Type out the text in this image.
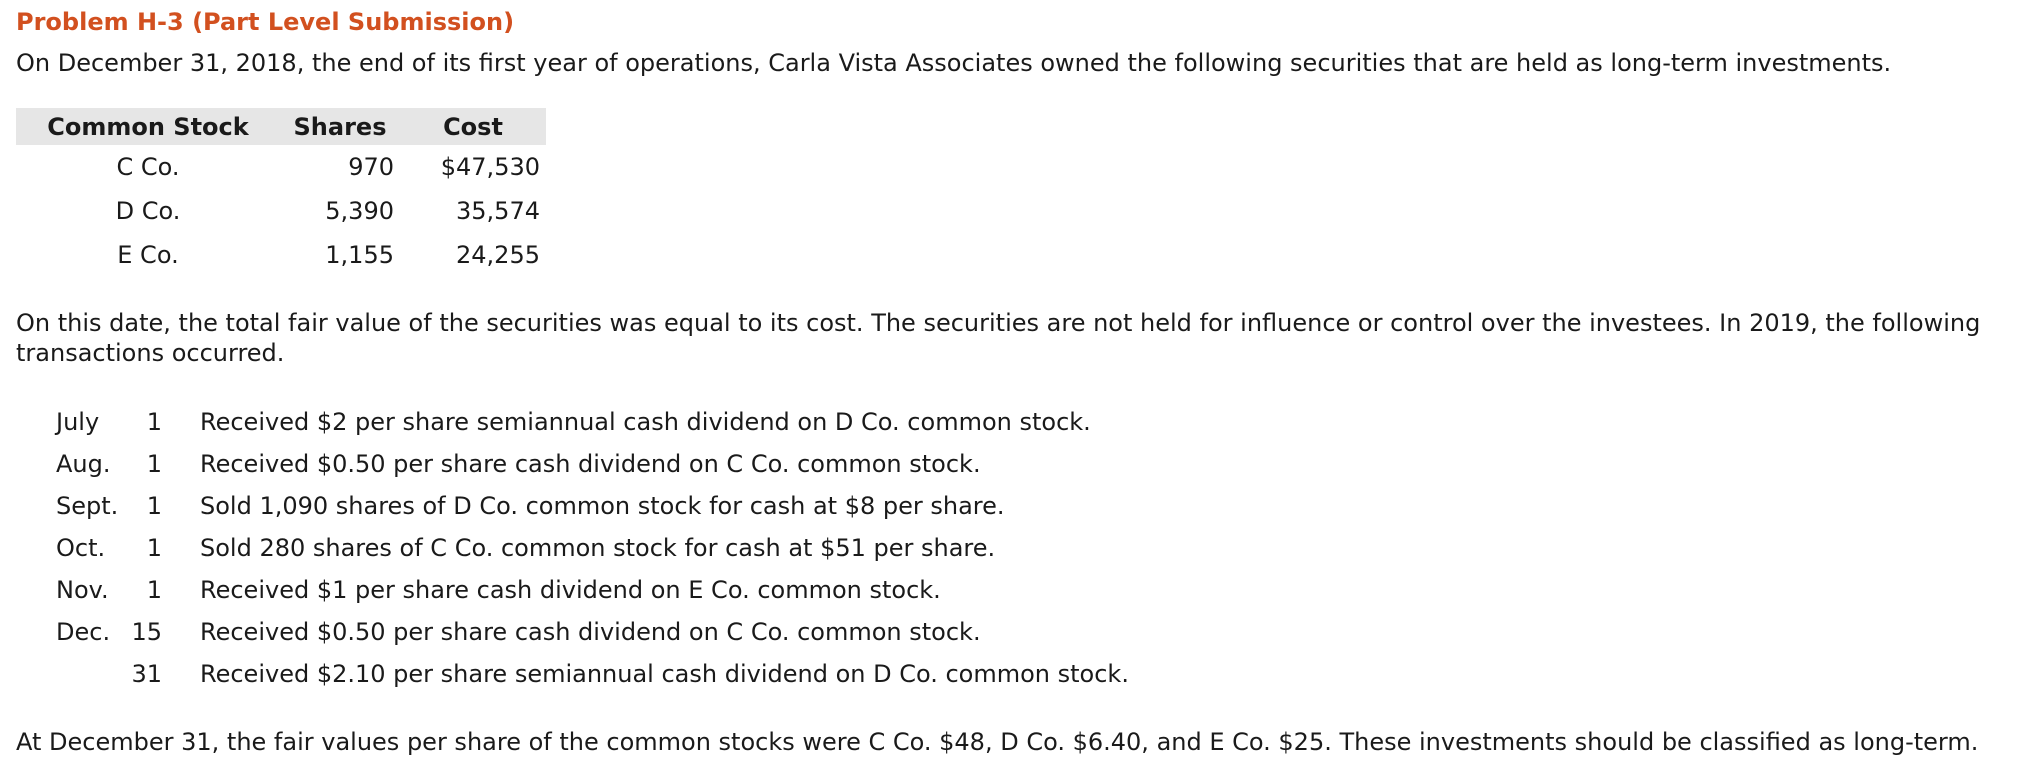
Problem H-3 (Part Level Submission)
On December 31, 2018, the end of its first year of operations, Carla Vista Associates owned the following securities that are held as long-term investments.
Common Stock	Shares	Cost
C Co.	970	$47,530
D Co.	5,390	35,574
E Co.	1,155	24,255
On this date, the total fair value of the securities was equal to its cost. The securities are not held for influence or control over the investees. In 2019, the following transactions occurred.
July	1	Received $2 per share semiannual cash dividend on D Co. common stock.
Aug.	1	Received $0.50 per share cash dividend on C Co. common stock.
Sept.	1	Sold 1,090 shares of D Co. common stock for cash at $8 per share.
Oct.	1	Sold 280 shares of C Co. common stock for cash at $51 per share.
Nov.	1	Received $1 per share cash dividend on E Co. common stock.
Dec.	15	Received $0.50 per share cash dividend on C Co. common stock.
	31	Received $2.10 per share semiannual cash dividend on D Co. common stock.
At December 31, the fair values per share of the common stocks were C Co. $48, D Co. $6.40, and E Co. $25. These investments should be classified as long-term.
